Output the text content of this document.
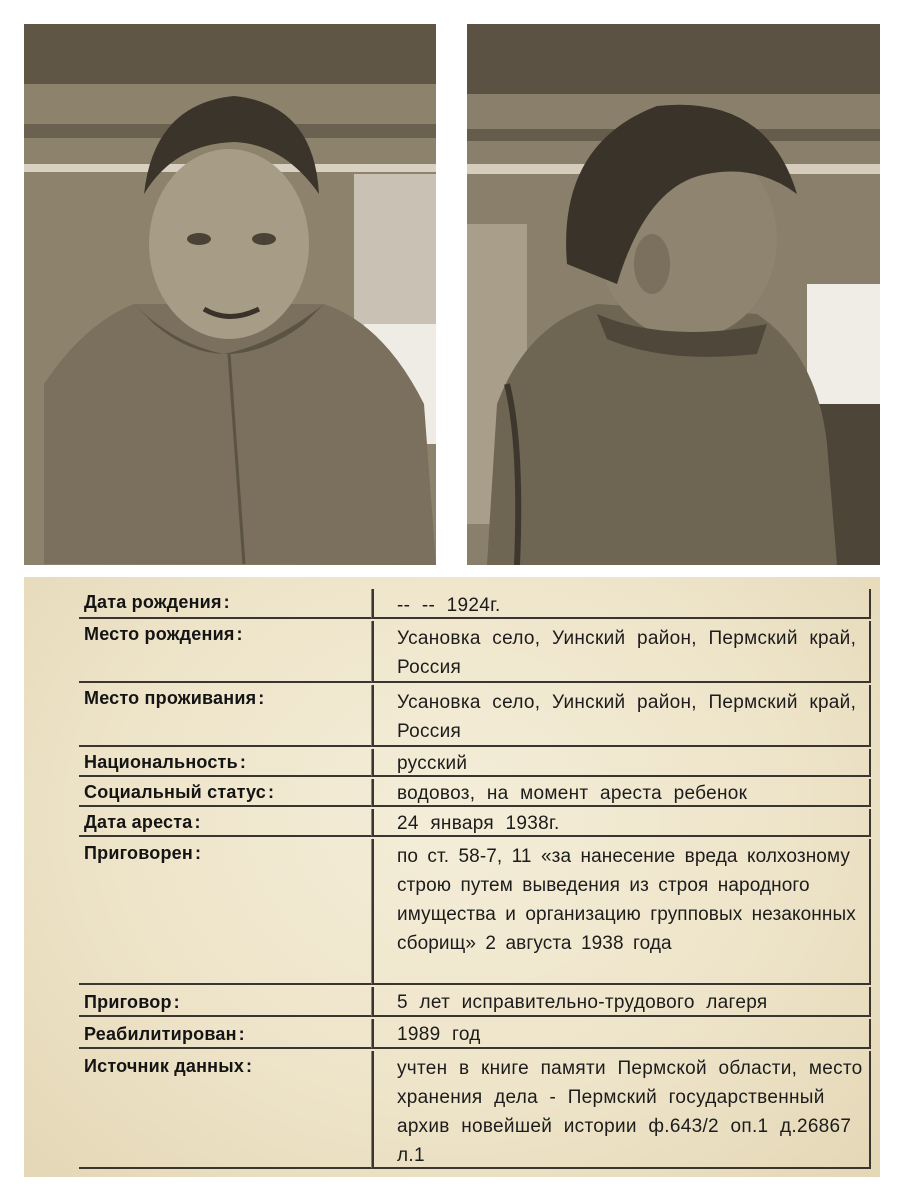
Дата рождения :	-- -- 1924г.
Место рождения :	Усановка село, Уинский район, Пермский край, Россия
Место проживания :	Усановка село, Уинский район, Пермский край, Россия
Национальность :	русский
Социальный статус :	водовоз, на момент ареста ребенок
Дата ареста :	24 января 1938г.
Приговорен :	по ст. 58-7, 11 «за нанесение вреда колхозному строю путем выведения из строя народного имущества и организацию групповых незаконных сборищ» 2 августа 1938 года
Приговор :	5 лет исправительно-трудового лагеря
Реабилитирован :	1989 год
Источник данных :	учтен в книге памяти Пермской области, место хранения дела - Пермский государственный архив новейшей истории ф.643/2 оп.1 д.26867 л.1
